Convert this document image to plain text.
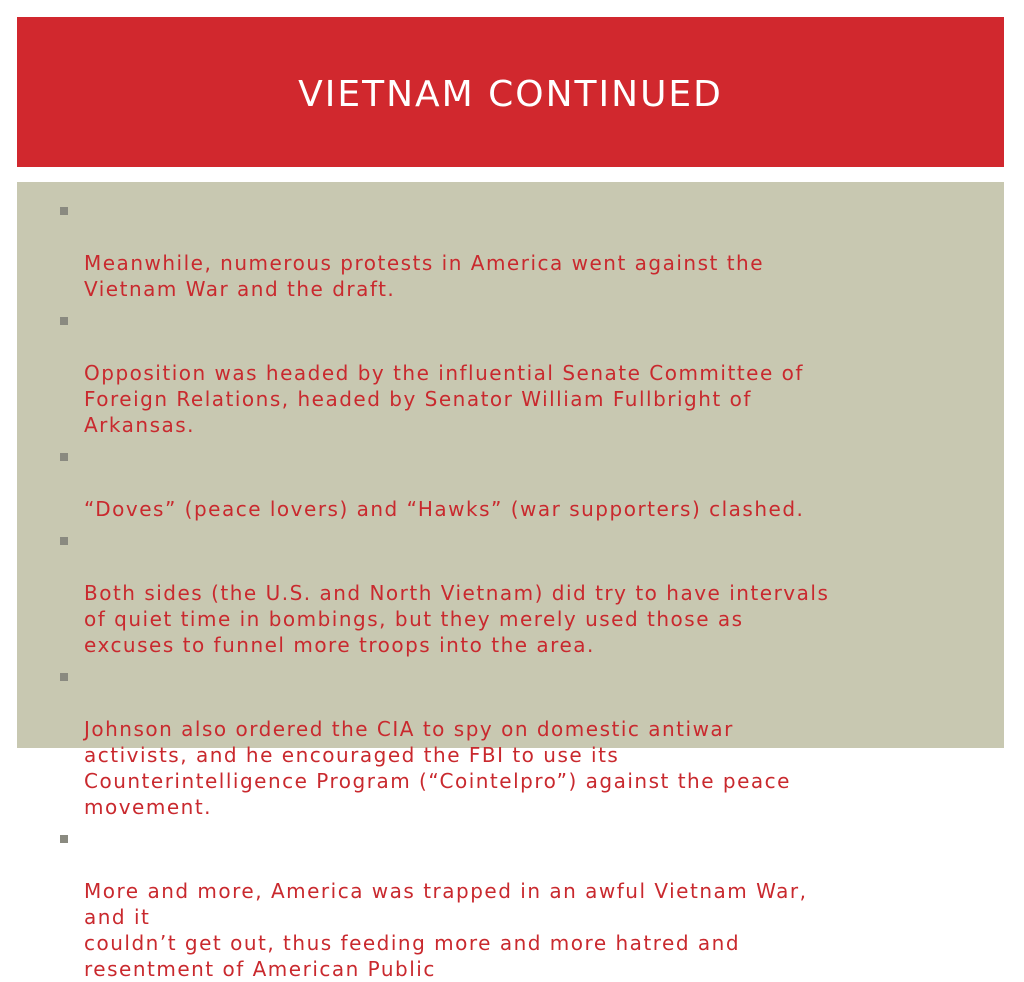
VIETNAM CONTINUED

Meanwhile, numerous protests in America went against the
Vietnam War and the draft.

Opposition was headed by the influential Senate Committee of
Foreign Relations, headed by Senator William Fullbright of
Arkansas.

“Doves” (peace lovers) and “Hawks” (war supporters) clashed.

Both sides (the U.S. and North Vietnam) did try to have intervals
of quiet time in bombings, but they merely used those as
excuses to funnel more troops into the area.

Johnson also ordered the CIA to spy on domestic antiwar
activists, and he encouraged the FBI to use its
Counterintelligence Program (“Cointelpro”) against the peace
movement.

More and more, America was trapped in an awful Vietnam War,
and it
couldn’t get out, thus feeding more and more hatred and
resentment of American Public
